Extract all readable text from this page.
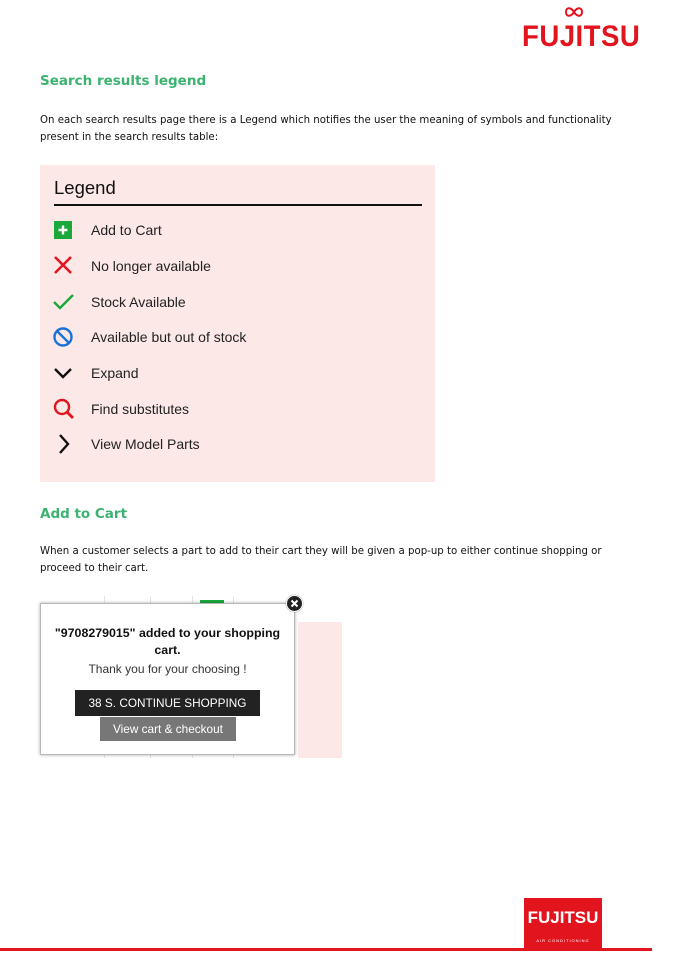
FUJITSU
Search results legend

On each search results page there is a Legend which notifies the user the meaning of symbols and functionality present in the search results table:

Legend
Add to Cart
No longer available
Stock Available
Available but out of stock
Expand
Find substitutes
View Model Parts
Add to Cart

When a customer selects a part to add to their cart they will be given a pop-up to either continue shopping or proceed to their cart.

"9708279015" added to your shopping cart.
Thank you for your choosing !
38 S. CONTINUE SHOPPING
View cart & checkout
FUJITSU
AIR CONDITIONING
